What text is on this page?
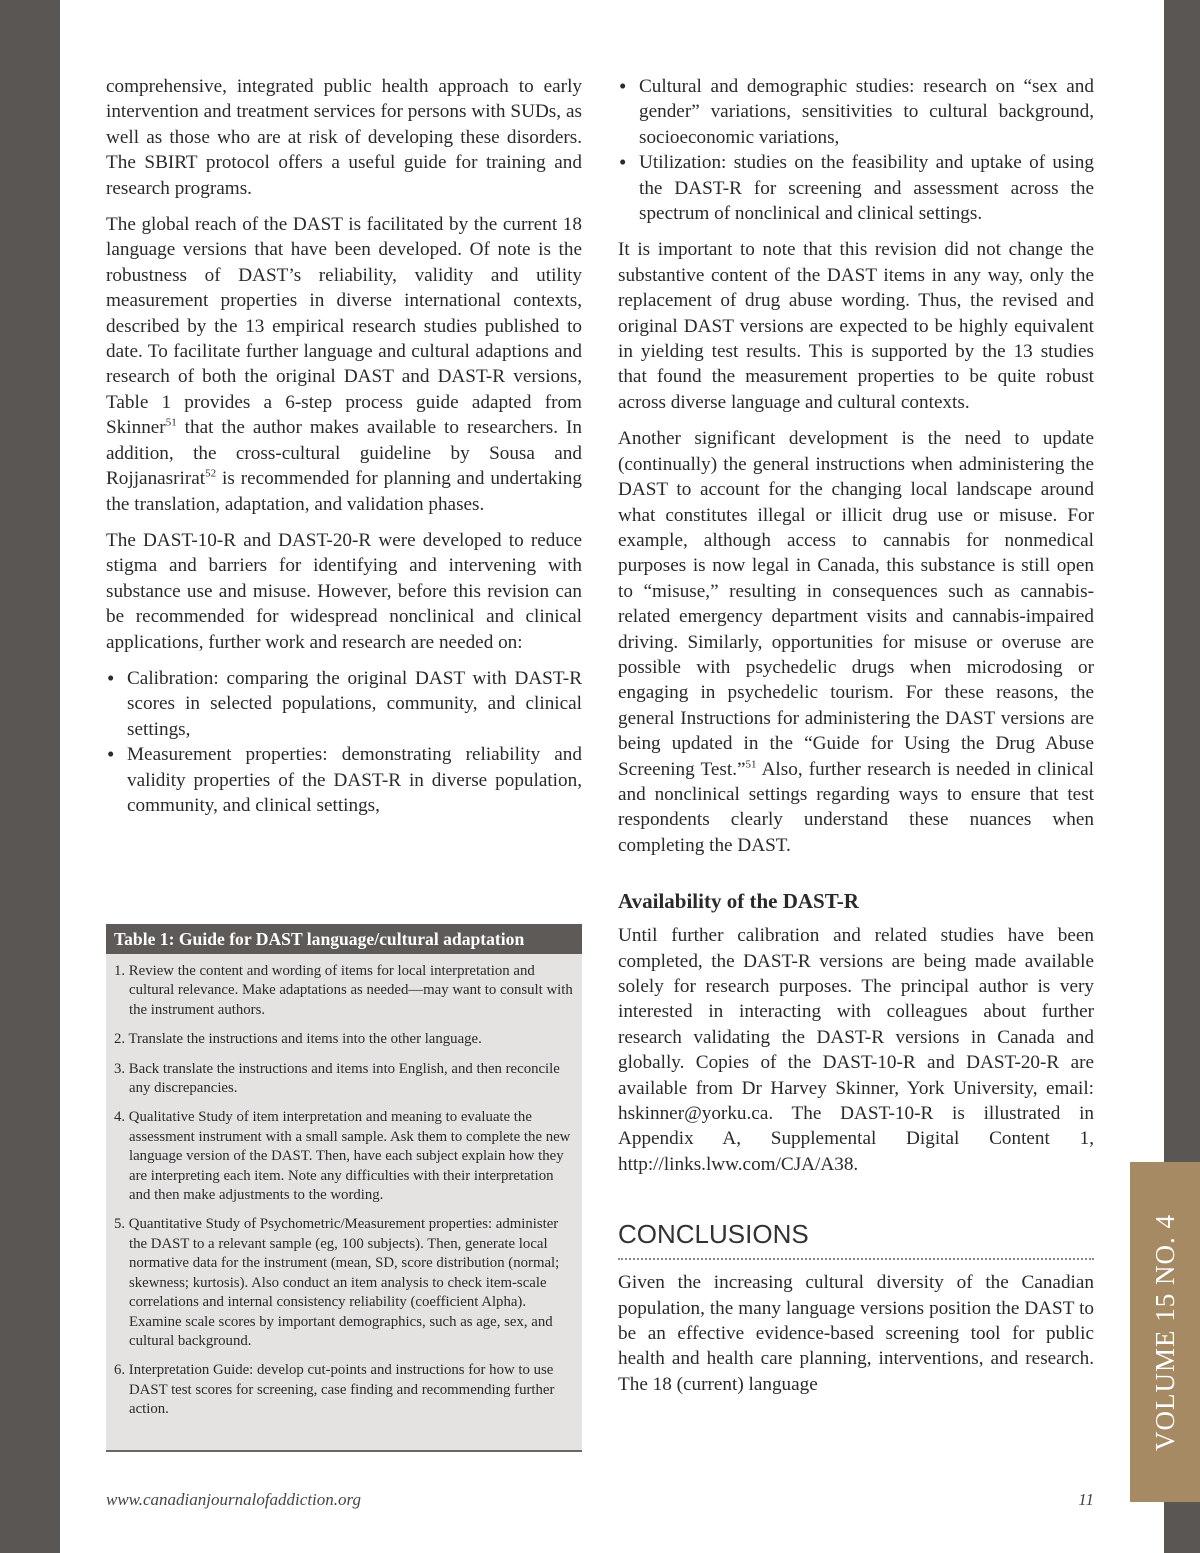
VOLUME 15 NO. 4

comprehensive, integrated public health approach to early intervention and treatment services for persons with SUDs, as well as those who are at risk of developing these disorders. The SBIRT protocol offers a useful guide for training and research programs.

The global reach of the DAST is facilitated by the current 18 language versions that have been developed. Of note is the robustness of DAST’s reliability, validity and utility measurement properties in diverse international contexts, described by the 13 empirical research studies published to date. To facilitate further language and cultural adaptions and research of both the original DAST and DAST-R versions, Table 1 provides a 6-step process guide adapted from Skinner$^{51}$ that the author makes available to researchers. In addition, the cross-cultural guideline by Sousa and Rojjanasrirat$^{52}$ is recommended for planning and undertaking the translation, adaptation, and validation phases.

The DAST-10-R and DAST-20-R were developed to reduce stigma and barriers for identifying and intervening with substance use and misuse. However, before this revision can be recommended for widespread nonclinical and clinical applications, further work and research are needed on:

• Calibration: comparing the original DAST with DAST-R scores in selected populations, community, and clinical settings,
• Measurement properties: demonstrating reliability and validity properties of the DAST-R in diverse population, community, and clinical settings,
Table 1: Guide for DAST language/cultural adaptation
1. Review the content and wording of items for local interpretation and cultural relevance. Make adaptations as needed—may want to consult with the instrument authors.
2. Translate the instructions and items into the other language.
3. Back translate the instructions and items into English, and then reconcile any discrepancies.
4. Qualitative Study of item interpretation and meaning to evaluate the assessment instrument with a small sample. Ask them to complete the new language version of the DAST. Then, have each subject explain how they are interpreting each item. Note any difficulties with their interpretation and then make adjustments to the wording.
5. Quantitative Study of Psychometric/Measurement properties: administer the DAST to a relevant sample (eg, 100 subjects). Then, generate local normative data for the instrument (mean, SD, score distribution (normal; skewness; kurtosis). Also conduct an item analysis to check item-scale correlations and internal consistency reliability (coefficient Alpha). Examine scale scores by important demographics, such as age, sex, and cultural background.
6. Interpretation Guide: develop cut-points and instructions for how to use DAST test scores for screening, case finding and recommending further action.
• Cultural and demographic studies: research on “sex and gender” variations, sensitivities to cultural background, socioeconomic variations,
• Utilization: studies on the feasibility and uptake of using the DAST-R for screening and assessment across the spectrum of nonclinical and clinical settings.

It is important to note that this revision did not change the substantive content of the DAST items in any way, only the replacement of drug abuse wording. Thus, the revised and original DAST versions are expected to be highly equivalent in yielding test results. This is supported by the 13 studies that found the measurement properties to be quite robust across diverse language and cultural contexts.

Another significant development is the need to update (continually) the general instructions when administering the DAST to account for the changing local landscape around what constitutes illegal or illicit drug use or misuse. For example, although access to cannabis for nonmedical purposes is now legal in Canada, this substance is still open to “misuse,” resulting in consequences such as cannabis-related emergency department visits and cannabis-impaired driving. Similarly, opportunities for misuse or overuse are possible with psychedelic drugs when microdosing or engaging in psychedelic tourism. For these reasons, the general Instructions for administering the DAST versions are being updated in the “Guide for Using the Drug Abuse Screening Test.”$^{51}$ Also, further research is needed in clinical and nonclinical settings regarding ways to ensure that test respondents clearly understand these nuances when completing the DAST.

Availability of the DAST-R

Until further calibration and related studies have been completed, the DAST-R versions are being made available solely for research purposes. The principal author is very interested in interacting with colleagues about further research validating the DAST-R versions in Canada and globally. Copies of the DAST-10-R and DAST-20-R are available from Dr Harvey Skinner, York University, email: hskinner@yorku.ca. The DAST-10-R is illustrated in Appendix A, Supplemental Digital Content 1, http://links.lww.com/CJA/A38.

CONCLUSIONS

Given the increasing cultural diversity of the Canadian population, the many language versions position the DAST to be an effective evidence-based screening tool for public health and health care planning, interventions, and research. The 18 (current) language

www.canadianjournalofaddiction.org	11
